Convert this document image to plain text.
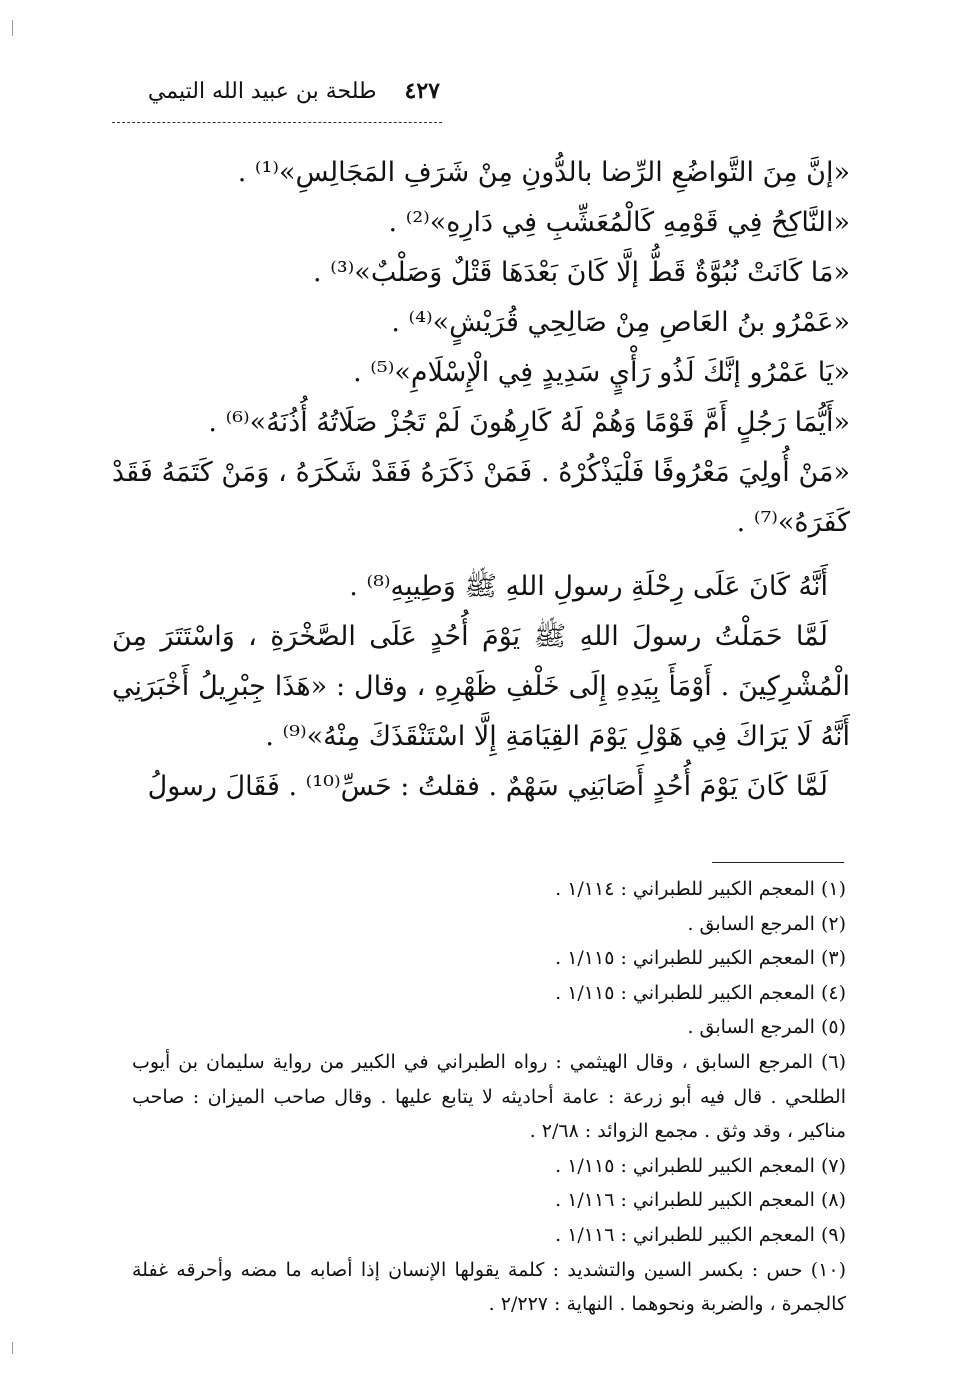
٤٢٧
طلحة بن عبيد الله التيمي

«إنَّ مِنَ التَّواضُعِ الرِّضا بالدُّونِ مِنْ شَرَفِ المَجَالِسِ»⁽¹⁾ .

«النَّاكِحُ فِي قَوْمِهِ كَالْمُعَشِّبِ فِي دَارِهِ»⁽²⁾ .

«مَا كَانَتْ نُبُوَّةٌ قَطُّ إلَّا كَانَ بَعْدَهَا قَتْلٌ وَصَلْبٌ»⁽³⁾ .

«عَمْرُو بنُ العَاصِ مِنْ صَالِحِي قُرَيْشٍ»⁽⁴⁾ .

«يَا عَمْرُو إنَّكَ لَذُو رَأْيٍ سَدِيدٍ فِي الْإِسْلَامِ»⁽⁵⁾ .

«أَيُّمَا رَجُلٍ أَمَّ قَوْمًا وَهُمْ لَهُ كَارِهُونَ لَمْ تَجُزْ صَلَاتُهُ أُذُنَهُ»⁽⁶⁾ .

«مَنْ أُولِيَ مَعْرُوفًا فَلْيَذْكُرْهُ . فَمَنْ ذَكَرَهُ فَقَدْ شَكَرَهُ ، وَمَنْ كَتَمَهُ فَقَدْ كَفَرَهُ»⁽⁷⁾ .

أَنَّهُ كَانَ عَلَى رِحْلَةِ رسولِ اللهِ ﷺ وَطِيبِهِ⁽⁸⁾ .

لَمَّا حَمَلْتُ رسولَ اللهِ ﷺ يَوْمَ أُحُدٍ عَلَى الصَّخْرَةِ ، وَاسْتَتَرَ مِنَ الْمُشْرِكِينَ . أَوْمَأَ بِيَدِهِ إِلَى خَلْفِ ظَهْرِهِ ، وقال : «هَذَا جِبْرِيلُ أَخْبَرَنِي أَنَّهُ لَا يَرَاكَ فِي هَوْلِ يَوْمَ القِيَامَةِ إِلَّا اسْتَنْقَذَكَ مِنْهُ»⁽⁹⁾ .

لَمَّا كَانَ يَوْمَ أُحُدٍ أَصَابَنِي سَهْمٌ . فقلتُ : حَسِّ⁽¹⁰⁾ . فَقَالَ رسولُ

(١) المعجم الكبير للطبراني : ١/١١٤ .

(٢) المرجع السابق .

(٣) المعجم الكبير للطبراني : ١/١١٥ .

(٤) المعجم الكبير للطبراني : ١/١١٥ .

(٥) المرجع السابق .

(٦) المرجع السابق ، وقال الهيثمي : رواه الطبراني في الكبير من رواية سليمان بن أيوب الطلحي . قال فيه أبو زرعة : عامة أحاديثه لا يتابع عليها . وقال صاحب الميزان : صاحب مناكير ، وقد وثق . مجمع الزوائد : ٢/٦٨ .

(٧) المعجم الكبير للطبراني : ١/١١٥ .

(٨) المعجم الكبير للطبراني : ١/١١٦ .

(٩) المعجم الكبير للطبراني : ١/١١٦ .

(١٠) حس : بكسر السين والتشديد : كلمة يقولها الإنسان إذا أصابه ما مضه وأحرقه غفلة كالجمرة ، والضربة ونحوهما . النهاية : ٢/٢٢٧ .
